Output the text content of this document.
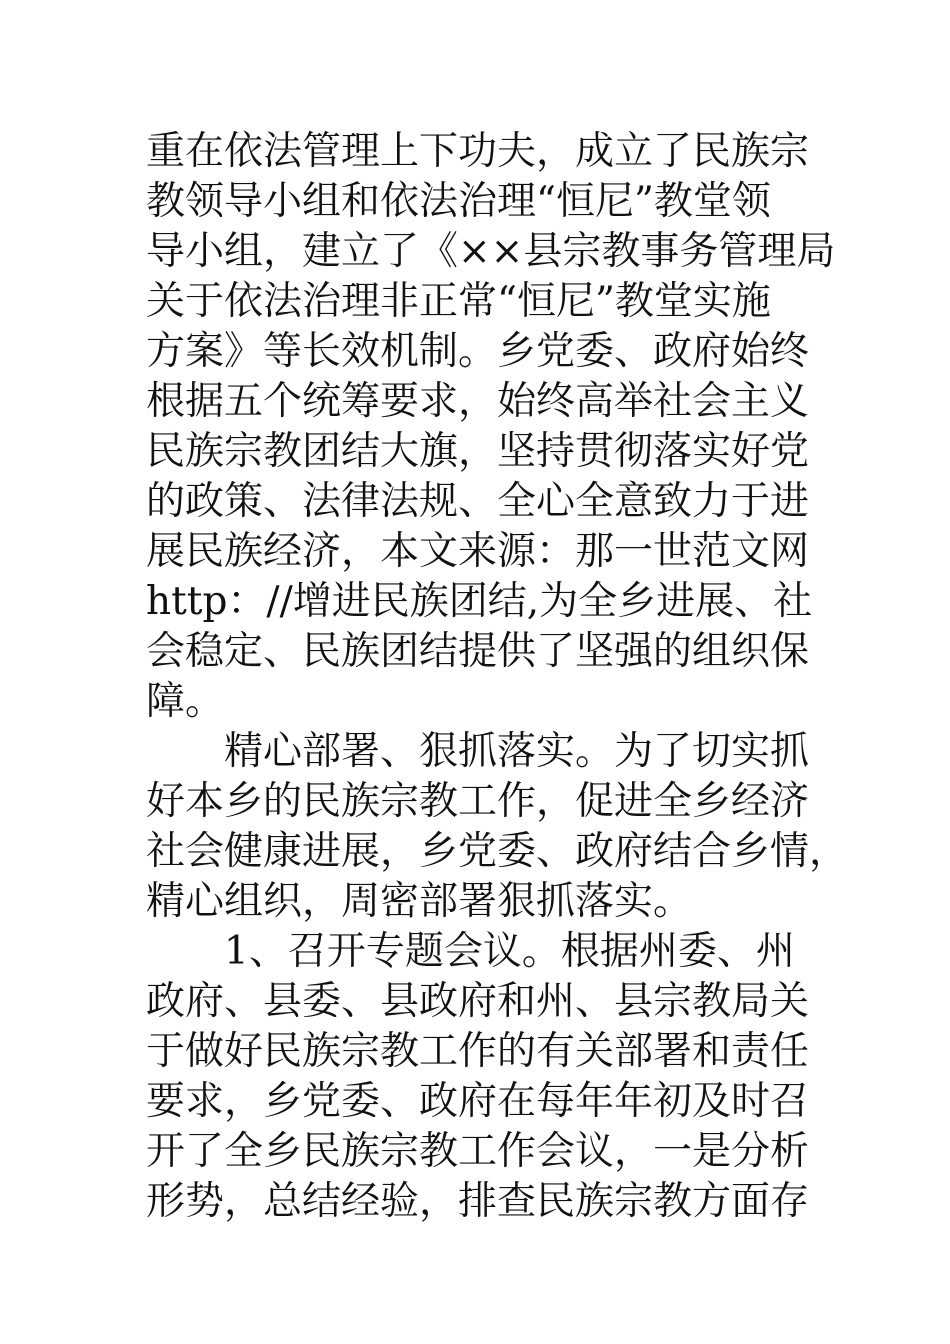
重在依法管理上下功夫，成立了民族宗
教领导小组和依法治理“恒尼”教堂领
导小组，建立了《××县宗教事务管理局
关于依法治理非正常“恒尼”教堂实施
方案》等长效机制。乡党委、政府始终
根据五个统筹要求，始终高举社会主义
民族宗教团结大旗，坚持贯彻落实好党
的政策、法律法规、全心全意致力于进
展民族经济，本文来源：那一世范文网
http：//增进民族团结,为全乡进展、社
会稳定、民族团结提供了坚强的组织保
障。
精心部署、狠抓落实。为了切实抓
好本乡的民族宗教工作，促进全乡经济
社会健康进展，乡党委、政府结合乡情，
精心组织，周密部署狠抓落实。
1、召开专题会议。根据州委、州
政府、县委、县政府和州、县宗教局关
于做好民族宗教工作的有关部署和责任
要求，乡党委、政府在每年年初及时召
开了全乡民族宗教工作会议，一是分析
形势，总结经验，排查民族宗教方面存
